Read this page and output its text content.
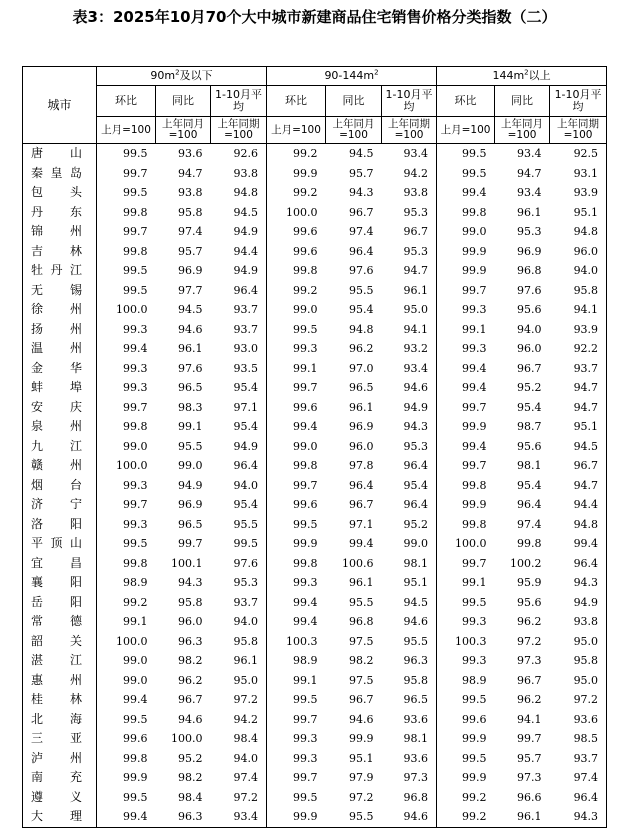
表3：2025年10月70个大中城市新建商品住宅销售价格分类指数（二）
城市	$90m^2$及以下			$90-144m^2$			$144m^2$以上		
	环比	同比	1-10月平均	环比	同比	1-10月平均	环比	同比	1-10月平均
	上月=100	上年同月=100	上年同期=100	上月=100	上年同月=100	上年同期=100	上月=100	上年同月=100	上年同期=100

唐 山	99.5	93.6	92.6	99.2	94.5	93.4	99.5	93.4	92.5

秦 皇 岛	99.7	94.7	93.8	99.9	95.7	94.2	99.5	94.7	93.1

包 头	99.5	93.8	94.8	99.2	94.3	93.8	99.4	93.4	93.9

丹 东	99.8	95.8	94.5	100.0	96.7	95.3	99.8	96.1	95.1

锦 州	99.7	97.4	94.9	99.6	97.4	96.7	99.0	95.3	94.8

吉 林	99.8	95.7	94.4	99.6	96.4	95.3	99.9	96.9	96.0

牡 丹 江	99.5	96.9	94.9	99.8	97.6	94.7	99.9	96.8	94.0

无 锡	99.5	97.7	96.4	99.2	95.5	96.1	99.7	97.6	95.8

徐 州	100.0	94.5	93.7	99.0	95.4	95.0	99.3	95.6	94.1

扬 州	99.3	94.6	93.7	99.5	94.8	94.1	99.1	94.0	93.9

温 州	99.4	96.1	93.0	99.3	96.2	93.2	99.3	96.0	92.2

金 华	99.3	97.6	93.5	99.1	97.0	93.4	99.4	96.7	93.7

蚌 埠	99.3	96.5	95.4	99.7	96.5	94.6	99.4	95.2	94.7

安 庆	99.7	98.3	97.1	99.6	96.1	94.9	99.7	95.4	94.7

泉 州	99.8	99.1	95.4	99.4	96.9	94.3	99.9	98.7	95.1

九 江	99.0	95.5	94.9	99.0	96.0	95.3	99.4	95.6	94.5

赣 州	100.0	99.0	96.4	99.8	97.8	96.4	99.7	98.1	96.7

烟 台	99.3	94.9	94.0	99.7	96.4	95.4	99.8	95.4	94.7

济 宁	99.7	96.9	95.4	99.6	96.7	96.4	99.9	96.4	94.4

洛 阳	99.3	96.5	95.5	99.5	97.1	95.2	99.8	97.4	94.8

平 顶 山	99.5	99.7	99.5	99.9	99.4	99.0	100.0	99.8	99.4

宜 昌	99.8	100.1	97.6	99.8	100.6	98.1	99.7	100.2	96.4

襄 阳	98.9	94.3	95.3	99.3	96.1	95.1	99.1	95.9	94.3

岳 阳	99.2	95.8	93.7	99.4	95.5	94.5	99.5	95.6	94.9

常 德	99.1	96.0	94.0	99.4	96.8	94.6	99.3	96.2	93.8

韶 关	100.0	96.3	95.8	100.3	97.5	95.5	100.3	97.2	95.0

湛 江	99.0	98.2	96.1	98.9	98.2	96.3	99.3	97.3	95.8

惠 州	99.0	96.2	95.0	99.1	97.5	95.8	98.9	96.7	95.0

桂 林	99.4	96.7	97.2	99.5	96.7	96.5	99.5	96.2	97.2

北 海	99.5	94.6	94.2	99.7	94.6	93.6	99.6	94.1	93.6

三 亚	99.6	100.0	98.4	99.3	99.9	98.1	99.9	99.7	98.5

泸 州	99.8	95.2	94.0	99.3	95.1	93.6	99.5	95.7	93.7

南 充	99.9	98.2	97.4	99.7	97.9	97.3	99.9	97.3	97.4

遵 义	99.5	98.4	97.2	99.5	97.2	96.8	99.2	96.6	96.4

大 理	99.4	96.3	93.4	99.9	95.5	94.6	99.2	96.1	94.3
